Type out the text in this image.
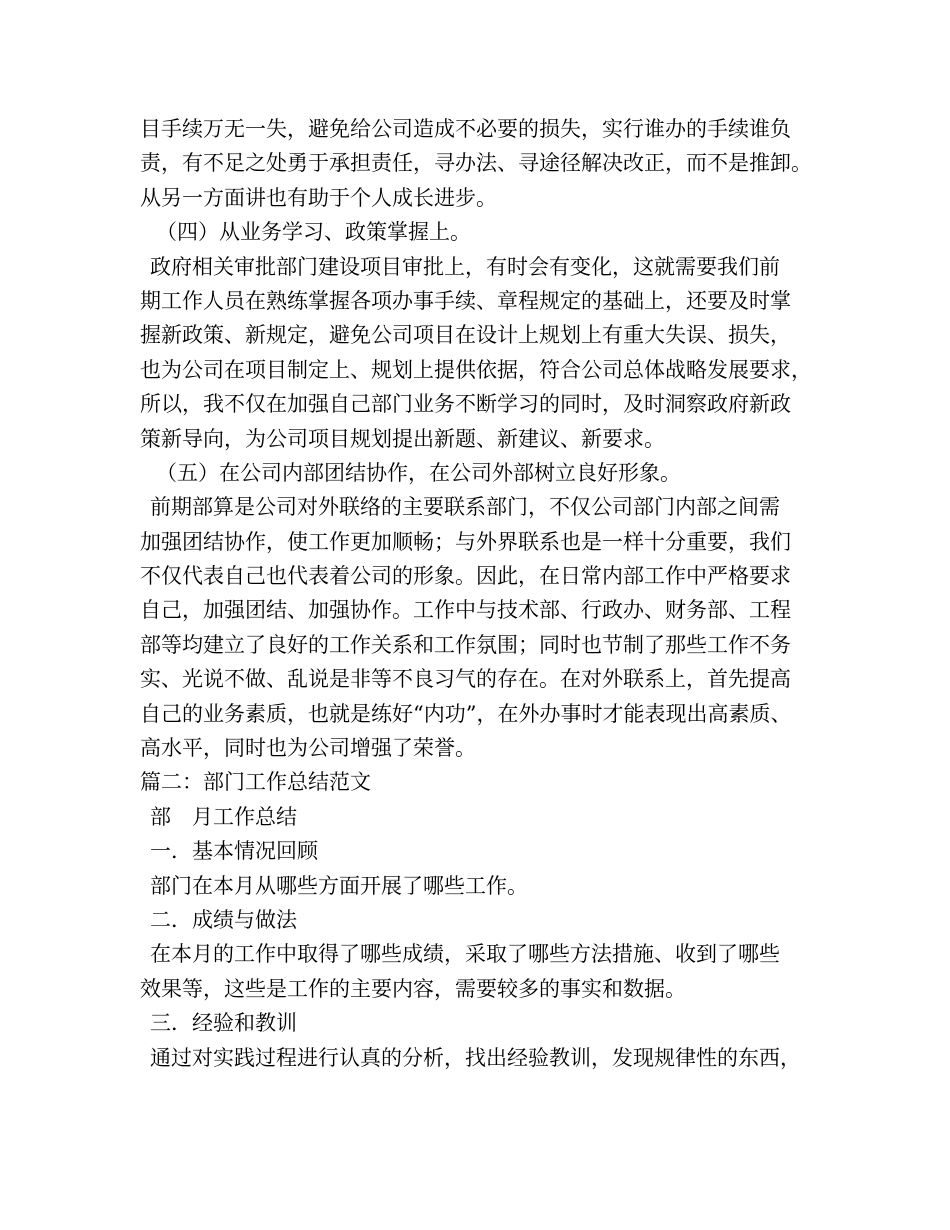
目手续万无一失，避免给公司造成不必要的损失，实行谁办的手续谁负
责，有不足之处勇于承担责任，寻办法、寻途径解决改正，而不是推卸。
从另一方面讲也有助于个人成长进步。
（四）从业务学习、政策掌握上。
政府相关审批部门建设项目审批上，有时会有变化，这就需要我们前
期工作人员在熟练掌握各项办事手续、章程规定的基础上，还要及时掌
握新政策、新规定，避免公司项目在设计上规划上有重大失误、损失，
也为公司在项目制定上、规划上提供依据，符合公司总体战略发展要求，
所以，我不仅在加强自己部门业务不断学习的同时，及时洞察政府新政
策新导向，为公司项目规划提出新题、新建议、新要求。
（五）在公司内部团结协作，在公司外部树立良好形象。
前期部算是公司对外联络的主要联系部门，不仅公司部门内部之间需
加强团结协作，使工作更加顺畅；与外界联系也是一样十分重要，我们
不仅代表自己也代表着公司的形象。因此，在日常内部工作中严格要求
自己，加强团结、加强协作。工作中与技术部、行政办、财务部、工程
部等均建立了良好的工作关系和工作氛围；同时也节制了那些工作不务
实、光说不做、乱说是非等不良习气的存在。在对外联系上，首先提高
自己的业务素质，也就是练好“内功”，在外办事时才能表现出高素质、
高水平，同时也为公司增强了荣誉。
篇二：部门工作总结范文
部　月工作总结
一．基本情况回顾
部门在本月从哪些方面开展了哪些工作。
二．成绩与做法
在本月的工作中取得了哪些成绩，采取了哪些方法措施、收到了哪些
效果等，这些是工作的主要内容，需要较多的事实和数据。
三．经验和教训
通过对实践过程进行认真的分析，找出经验教训，发现规律性的东西，
